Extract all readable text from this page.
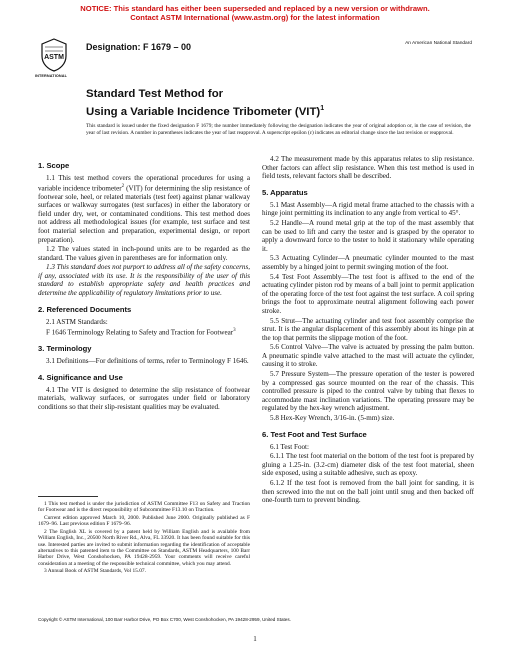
NOTICE: This standard has either been superseded and replaced by a new version or withdrawn.
Contact ASTM International (www.astm.org) for the latest information
ASTM
INTERNATIONAL
Designation: F 1679 – 00	An American National Standard
Standard Test Method for
Using a Variable Incidence Tribometer (VIT)$^1$
This standard is issued under the fixed designation F 1679; the number immediately following the designation indicates the year of original adoption or, in the case of revision, the year of last revision. A number in parentheses indicates the year of last reapproval. A superscript epsilon (ε) indicates an editorial change since the last revision or reapproval.
1. Scope

1.1 This test method covers the operational procedures for using a variable incidence tribometer$^2$ (VIT) for determining the slip resistance of footwear sole, heel, or related materials (test feet) against planar walkway surfaces or walkway surrogates (test surfaces) in either the laboratory or field under dry, wet, or contaminated conditions. This test method does not address all methodological issues (for example, test surface and test foot material selection and preparation, experimental design, or report preparation).

1.2 The values stated in inch-pound units are to be regarded as the standard. The values given in parentheses are for information only.

1.3 This standard does not purport to address all of the safety concerns, if any, associated with its use. It is the responsibility of the user of this standard to establish appropriate safety and health practices and determine the applicability of regulatory limitations prior to use.

2. Referenced Documents

2.1 ASTM Standards:

F 1646 Terminology Relating to Safety and Traction for Footwear$^3$

3. Terminology

3.1 Definitions—For definitions of terms, refer to Terminology F 1646.

4. Significance and Use

4.1 The VIT is designed to determine the slip resistance of footwear materials, walkway surfaces, or surrogates under field or laboratory conditions so that their slip-resistant qualities may be evaluated.

1 This test method is under the jurisdiction of ASTM Committee F13 on Safety and Traction for Footwear and is the direct responsibility of Subcommittee F13.10 on Traction.

Current edition approved March 10, 2000. Published June 2000. Originally published as F 1679–96. Last previous edition F 1679–96.

2 The English XL is covered by a patent held by William English and is available from William English, Inc., 20500 North River Rd., Alva, FL 33920. It has been found suitable for this use. Interested parties are invited to submit information regarding the identification of acceptable alternatives to this patented item to the Committee on Standards, ASTM Headquarters, 100 Barr Harbor Drive, West Conshohocken, PA 19428-2959. Your comments will receive careful consideration at a meeting of the responsible technical committee, which you may attend.

3 Annual Book of ASTM Standards, Vol 15.07.

4.2 The measurement made by this apparatus relates to slip resistance. Other factors can affect slip resistance. When this test method is used in field tests, relevant factors shall be described.

5. Apparatus

5.1 Mast Assembly—A rigid metal frame attached to the chassis with a hinge joint permitting its inclination to any angle from vertical to 45°.

5.2 Handle—A round metal grip at the top of the mast assembly that can be used to lift and carry the tester and is grasped by the operator to apply a downward force to the tester to hold it stationary while operating it.

5.3 Actuating Cylinder—A pneumatic cylinder mounted to the mast assembly by a hinged joint to permit swinging motion of the foot.

5.4 Test Foot Assembly—The test foot is affixed to the end of the actuating cylinder piston rod by means of a ball joint to permit application of the operating force of the test foot against the test surface. A coil spring brings the foot to approximate neutral alignment following each power stroke.

5.5 Strut—The actuating cylinder and test foot assembly comprise the strut. It is the angular displacement of this assembly about its hinge pin at the top that permits the slippage motion of the foot.

5.6 Control Valve—The valve is actuated by pressing the palm button. A pneumatic spindle valve attached to the mast will actuate the cylinder, causing it to stroke.

5.7 Pressure System—The pressure operation of the tester is powered by a compressed gas source mounted on the rear of the chassis. This controlled pressure is piped to the control valve by tubing that flexes to accommodate mast inclination variations. The operating pressure may be regulated by the hex-key wrench adjustment.

5.8 Hex-Key Wrench, 3/16-in. (5-mm) size.

6. Test Foot and Test Surface

6.1 Test Foot:

6.1.1 The test foot material on the bottom of the test foot is prepared by gluing a 1.25-in. (3.2-cm) diameter disk of the test foot material, sheen side exposed, using a suitable adhesive, such as epoxy.

6.1.2 If the test foot is removed from the ball joint for sanding, it is then screwed into the nut on the ball joint until snug and then backed off one-fourth turn to prevent binding.

Copyright © ASTM International, 100 Barr Harbor Drive, PO Box C700, West Conshohocken, PA 19428-2959, United States.
1
